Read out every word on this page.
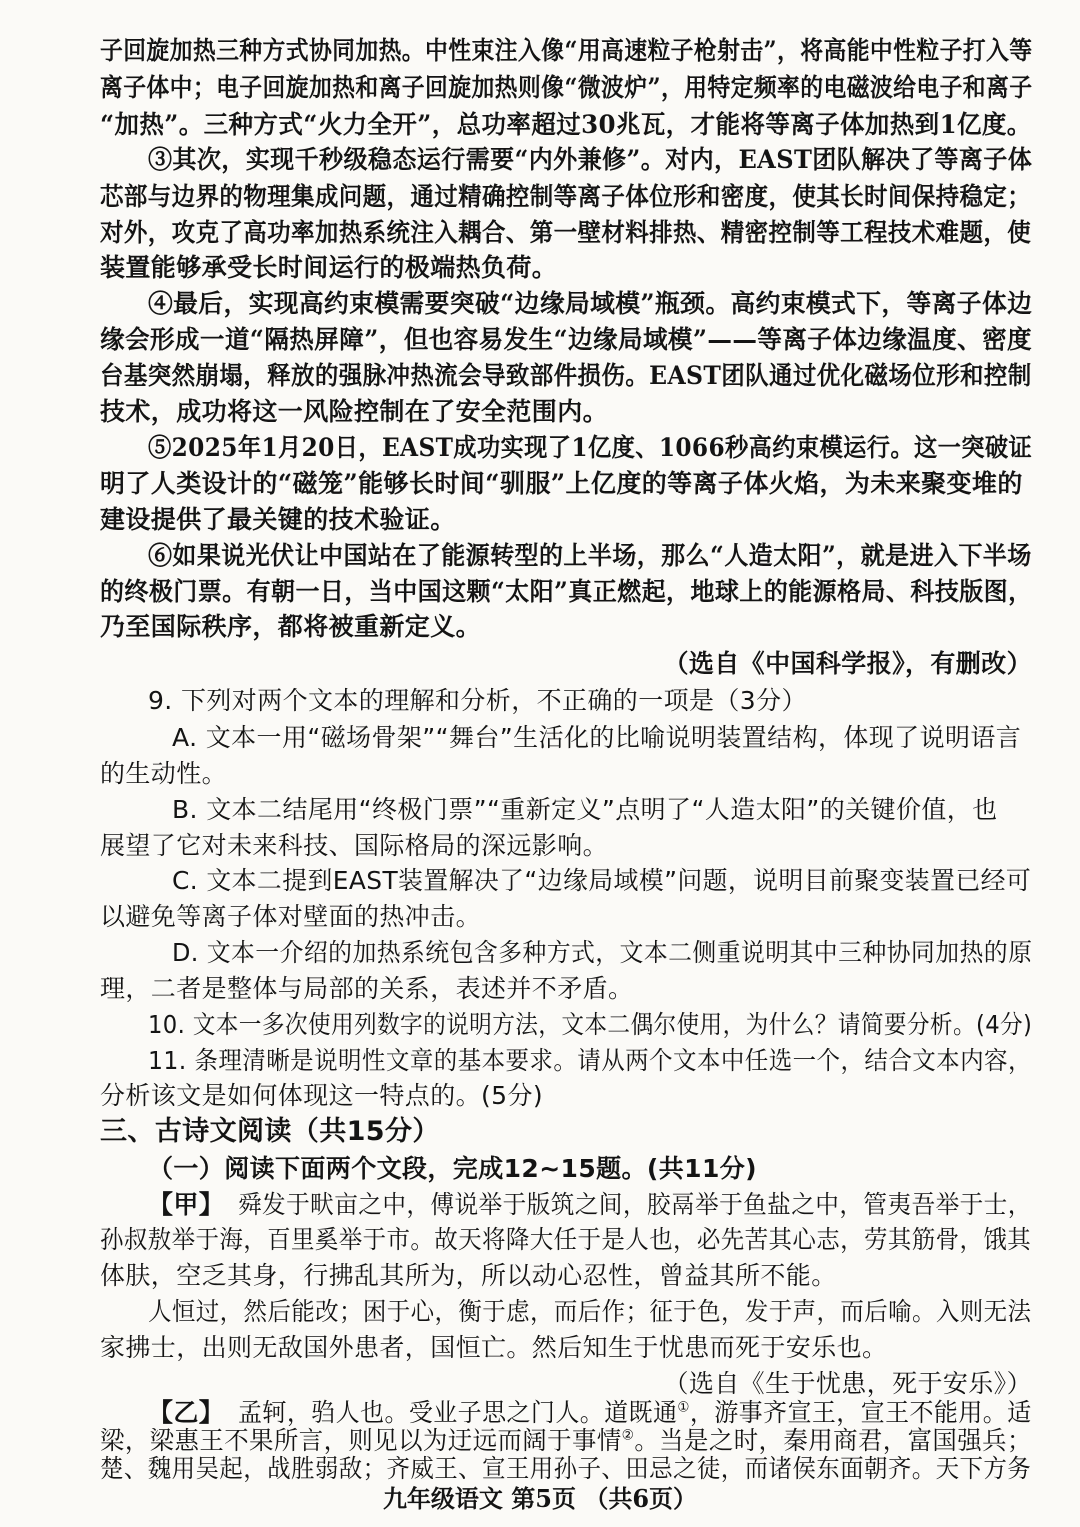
子回旋加热三种方式协同加热。中性束注入像“用高速粒子枪射击”，将高能中性粒子打入等
离子体中；电子回旋加热和离子回旋加热则像“微波炉”，用特定频率的电磁波给电子和离子
“加热”。三种方式“火力全开”，总功率超过30兆瓦，才能将等离子体加热到1亿度。
③其次，实现千秒级稳态运行需要“内外兼修”。对内，EAST团队解决了等离子体
芯部与边界的物理集成问题，通过精确控制等离子体位形和密度，使其长时间保持稳定；
对外，攻克了高功率加热系统注入耦合、第一壁材料排热、精密控制等工程技术难题，使
装置能够承受长时间运行的极端热负荷。
④最后，实现高约束模需要突破“边缘局域模”瓶颈。高约束模式下，等离子体边
缘会形成一道“隔热屏障”，但也容易发生“边缘局域模”——等离子体边缘温度、密度
台基突然崩塌，释放的强脉冲热流会导致部件损伤。EAST团队通过优化磁场位形和控制
技术，成功将这一风险控制在了安全范围内。
⑤2025年1月20日，EAST成功实现了1亿度、1066秒高约束模运行。这一突破证
明了人类设计的“磁笼”能够长时间“驯服”上亿度的等离子体火焰，为未来聚变堆的
建设提供了最关键的技术验证。
⑥如果说光伏让中国站在了能源转型的上半场，那么“人造太阳”，就是进入下半场
的终极门票。有朝一日，当中国这颗“太阳”真正燃起，地球上的能源格局、科技版图，
乃至国际秩序，都将被重新定义。
（选自《中国科学报》，有删改）
9. 下列对两个文本的理解和分析，不正确的一项是（3分）
A. 文本一用“磁场骨架”“舞台”生活化的比喻说明装置结构，体现了说明语言
的生动性。
B. 文本二结尾用“终极门票”“重新定义”点明了“人造太阳”的关键价值，也
展望了它对未来科技、国际格局的深远影响。
C. 文本二提到EAST装置解决了“边缘局域模”问题，说明目前聚变装置已经可
以避免等离子体对壁面的热冲击。
D. 文本一介绍的加热系统包含多种方式，文本二侧重说明其中三种协同加热的原
理，二者是整体与局部的关系，表述并不矛盾。
10. 文本一多次使用列数字的说明方法，文本二偶尔使用，为什么？请简要分析。(4分)
11. 条理清晰是说明性文章的基本要求。请从两个文本中任选一个，结合文本内容，
分析该文是如何体现这一特点的。(5分)
三、古诗文阅读（共15分）
（一）阅读下面两个文段，完成12~15题。(共11分)
【甲】 舜发于畎亩之中，傅说举于版筑之间，胶鬲举于鱼盐之中，管夷吾举于士，
孙叔敖举于海，百里奚举于市。故天将降大任于是人也，必先苦其心志，劳其筋骨，饿其
体肤，空乏其身，行拂乱其所为，所以动心忍性，曾益其所不能。
人恒过，然后能改；困于心，衡于虑，而后作；征于色，发于声，而后喻。入则无法
家拂士，出则无敌国外患者，国恒亡。然后知生于忧患而死于安乐也。
（选自《生于忧患，死于安乐》）
【乙】 孟轲，驺人也。受业子思之门人。道既通①，游事齐宣王，宣王不能用。适
梁，梁惠王不果所言，则见以为迂远而阔于事情②。当是之时，秦用商君，富国强兵；
楚、魏用吴起，战胜弱敌；齐威王、宣王用孙子、田忌之徒，而诸侯东面朝齐。天下方务
九年级语文 第5页 （共6页）
